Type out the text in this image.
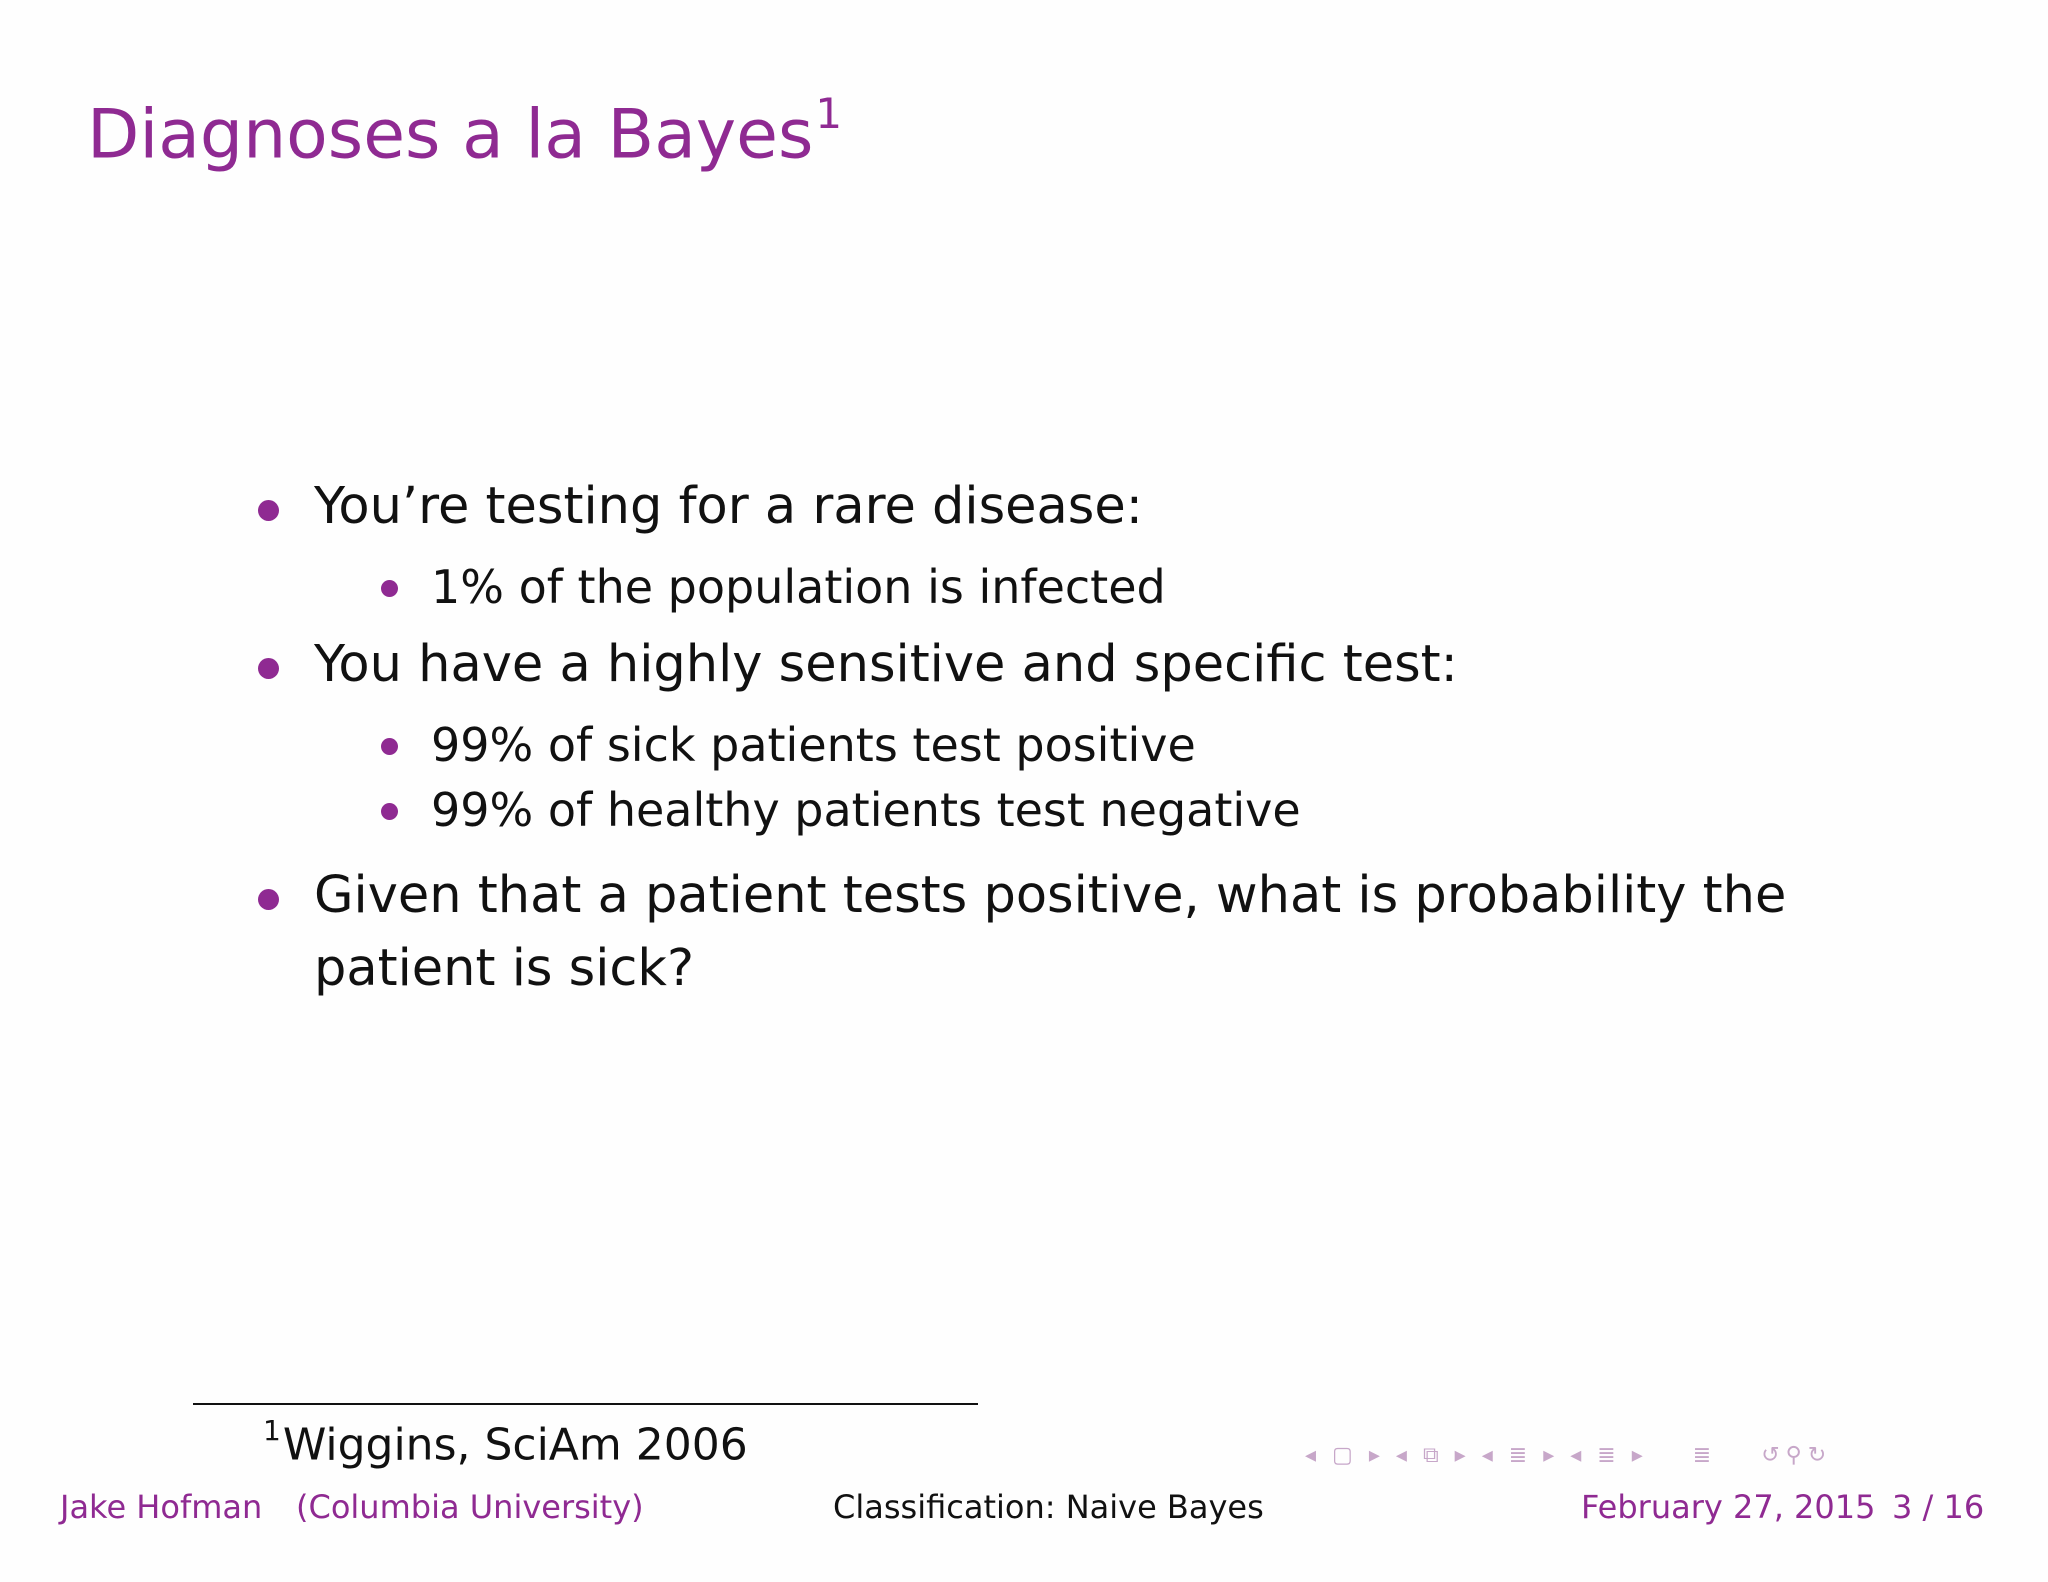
Diagnoses a la Bayes$^1$
You’re testing for a rare disease:
1% of the population is infected
You have a highly sensitive and specific test:
99% of sick patients test positive
99% of healthy patients test negative
Given that a patient tests positive, what is probability the
patient is sick?
$^1$Wiggins, SciAm 2006	◂ ▢ ▸ ◂ ⧉ ▸ ◂ ≣ ▸ ◂ ≣ ▸ ≣ ↺ ⚲ ↻
Jake Hofman (Columbia University)	Classification: Naive Bayes	February 27, 2015 3 / 16
